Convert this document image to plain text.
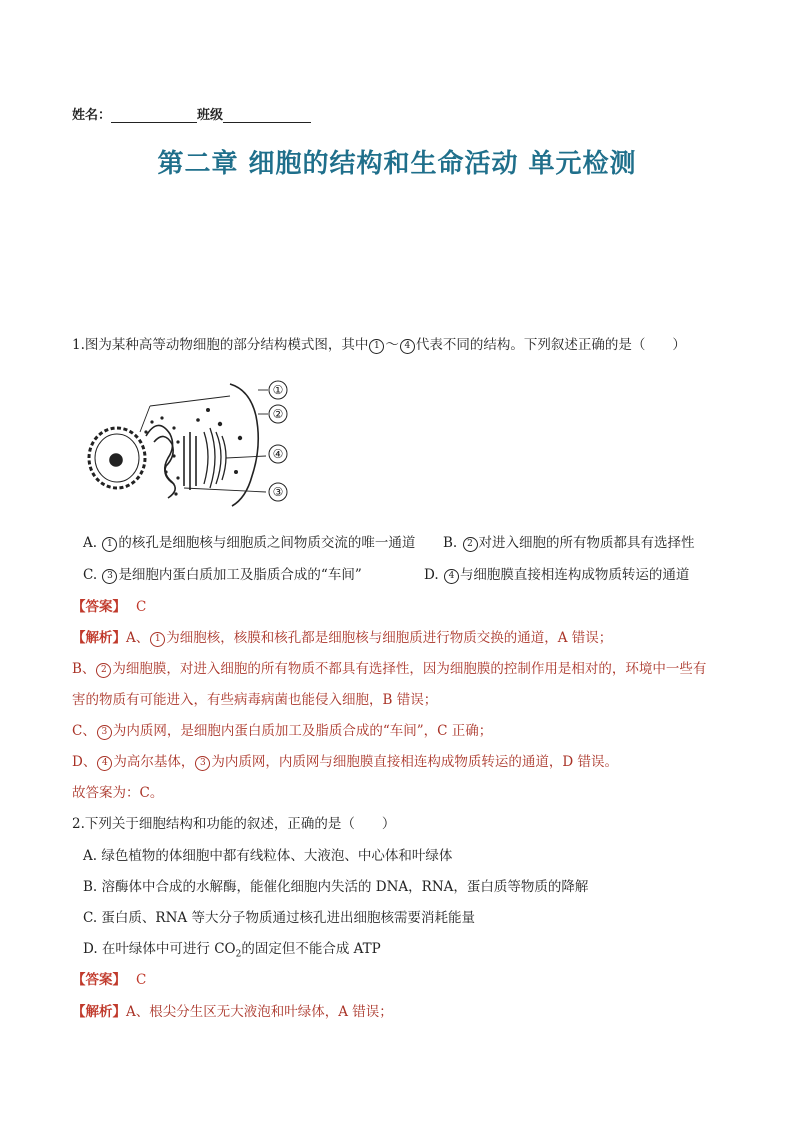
姓名：	班级
第二章 细胞的结构和生命活动 单元检测
1.图为某种高等动物细胞的部分结构模式图，其中 1 ～ 4 代表不同的结构。下列叙述正确的是（　　）
①
②
④
③
A. 1 的核孔是细胞核与细胞质之间物质交流的唯一通道 B. 2 对进入细胞的所有物质都具有选择性
C. 3 是细胞内蛋白质加工及脂质合成的“车间”	D. 4 与细胞膜直接相连构成物质转运的通道
【答案】 C
【解析】A、 1 为细胞核，核膜和核孔都是细胞核与细胞质进行物质交换的通道，A 错误；
B、 2 为细胞膜，对进入细胞的所有物质不都具有选择性，因为细胞膜的控制作用是相对的，环境中一些有
害的物质有可能进入，有些病毒病菌也能侵入细胞，B 错误；
C、 3 为内质网，是细胞内蛋白质加工及脂质合成的“车间”，C 正确；
D、 4 为高尔基体， 3 为内质网，内质网与细胞膜直接相连构成物质转运的通道，D 错误。
故答案为：C。
2.下列关于细胞结构和功能的叙述，正确的是（　　）
A. 绿色植物的体细胞中都有线粒体、大液泡、中心体和叶绿体
B. 溶酶体中合成的水解酶，能催化细胞内失活的 DNA，RNA，蛋白质等物质的降解
C. 蛋白质、RNA 等大分子物质通过核孔进出细胞核需要消耗能量
D. 在叶绿体中可进行 $CO_2$的固定但不能合成 ATP
【答案】 C
【解析】A、根尖分生区无大液泡和叶绿体，A 错误；
